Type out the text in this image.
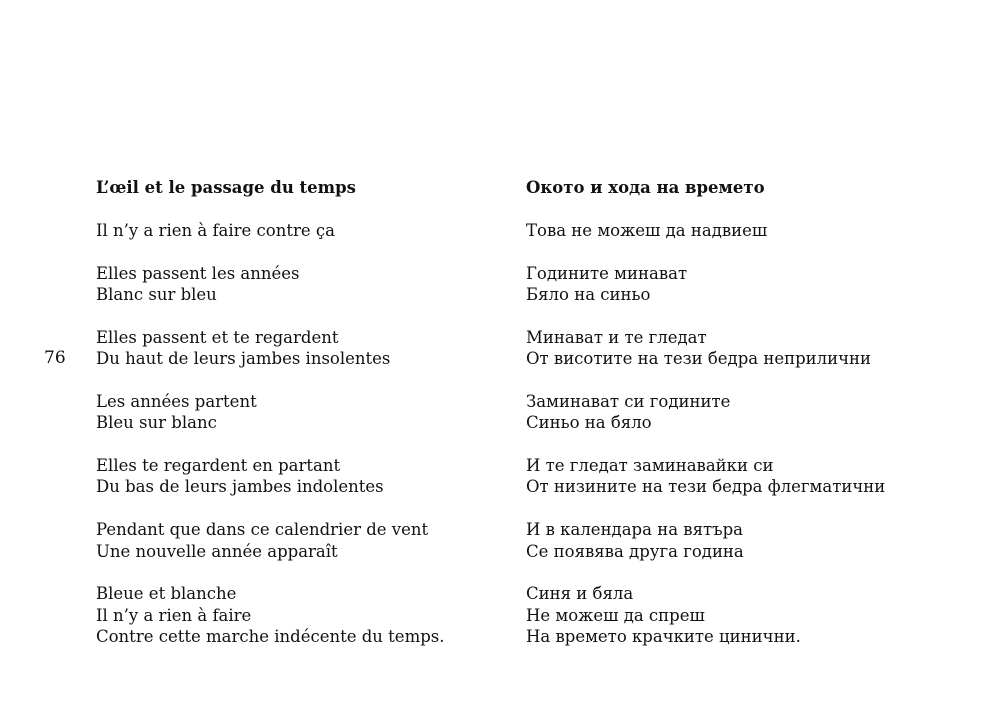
76
L’œil et le passage du temps
Il n’y a rien à faire contre ça
Elles passent les années
Blanc sur bleu
Elles passent et te regardent
Du haut de leurs jambes insolentes
Les années partent
Bleu sur blanc
Elles te regardent en partant
Du bas de leurs jambes indolentes
Pendant que dans ce calendrier de vent
Une nouvelle année apparaît
Bleue et blanche
Il n’y a rien à faire
Contre cette marche indécente du temps.
Окото и хода на времето
Това не можеш да надвиеш
Годините минават
Бяло на синьо
Минават и те гледат
От висотите на тези бедра неприлични
Заминават си годините
Синьо на бяло
И те гледат заминавайки си
От низините на тези бедра флегматични
И в календара на вятъра
Се появява друга година
Синя и бяла
Не можеш да спреш
На времето крачките цинични.
